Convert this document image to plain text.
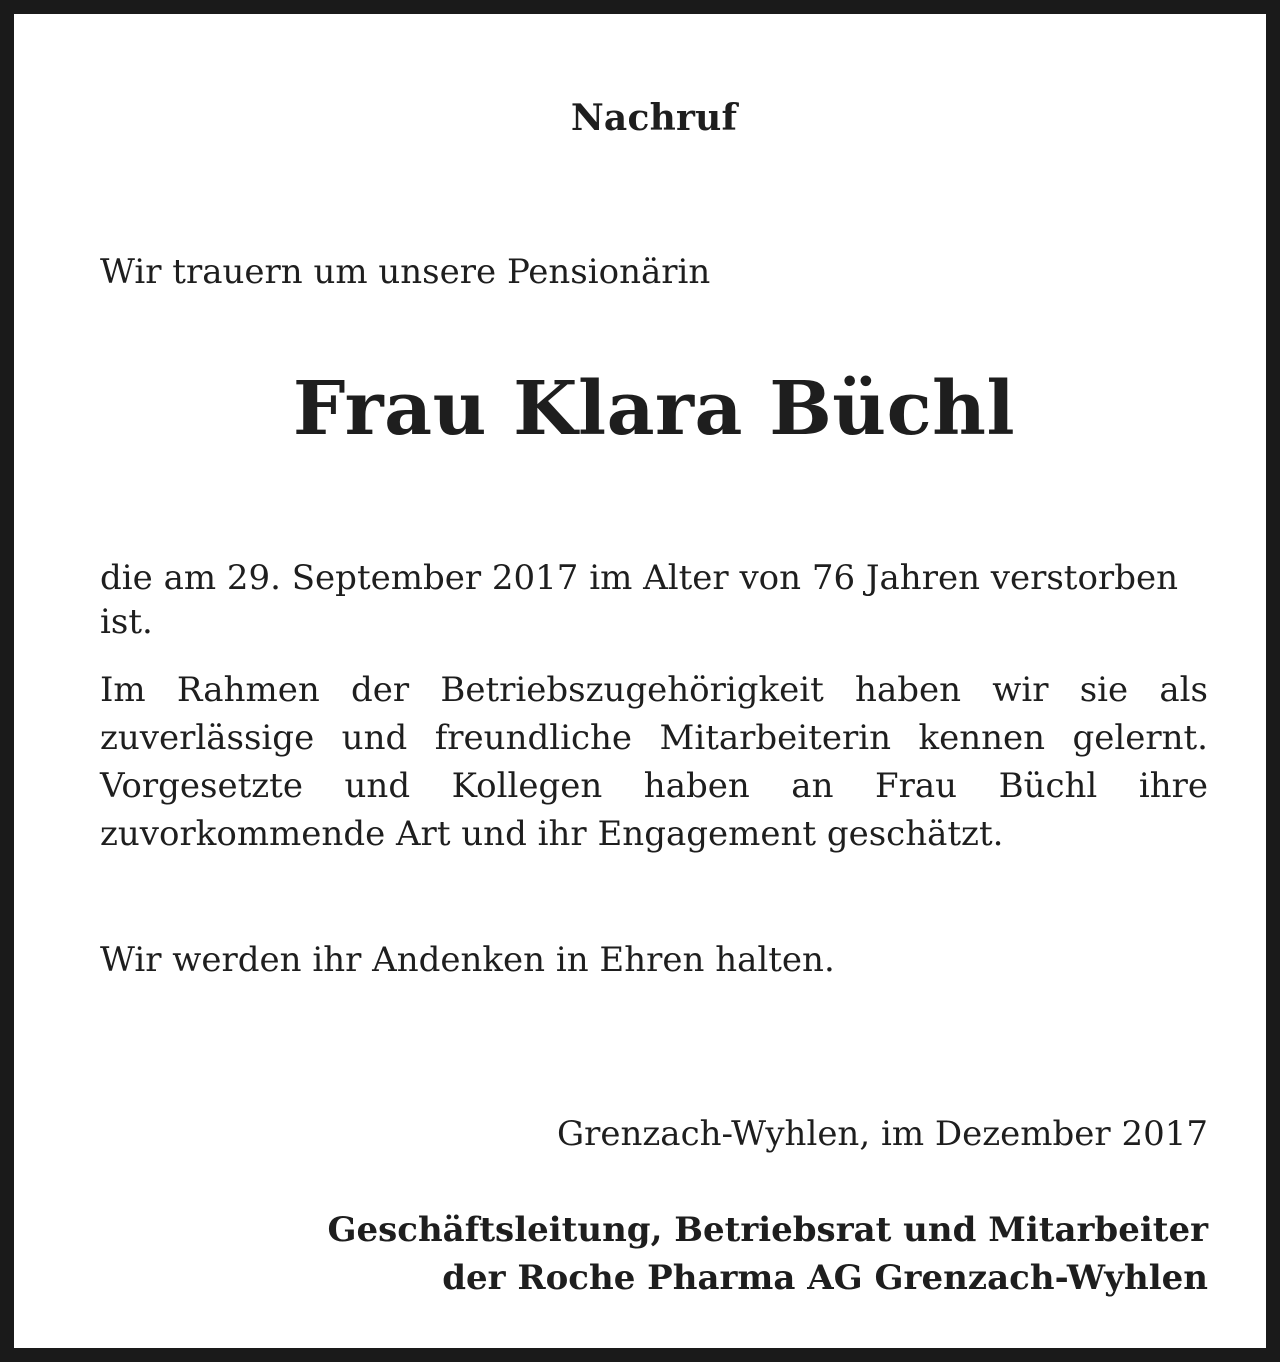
Nachruf
Wir trauern um unsere Pensionärin
Frau Klara Büchl
die am 29. September 2017 im Alter von 76 Jahren verstorben ist.
Im Rahmen der Betriebszugehörigkeit haben wir sie als zuverlässige und freundliche Mitarbeiterin kennen gelernt. Vorgesetzte und Kollegen haben an Frau Büchl ihre zuvorkommende Art und ihr Engagement geschätzt.
Wir werden ihr Andenken in Ehren halten.
Grenzach-Wyhlen, im Dezember 2017
Geschäftsleitung, Betriebsrat und Mitarbeiter
der Roche Pharma AG Grenzach-Wyhlen
